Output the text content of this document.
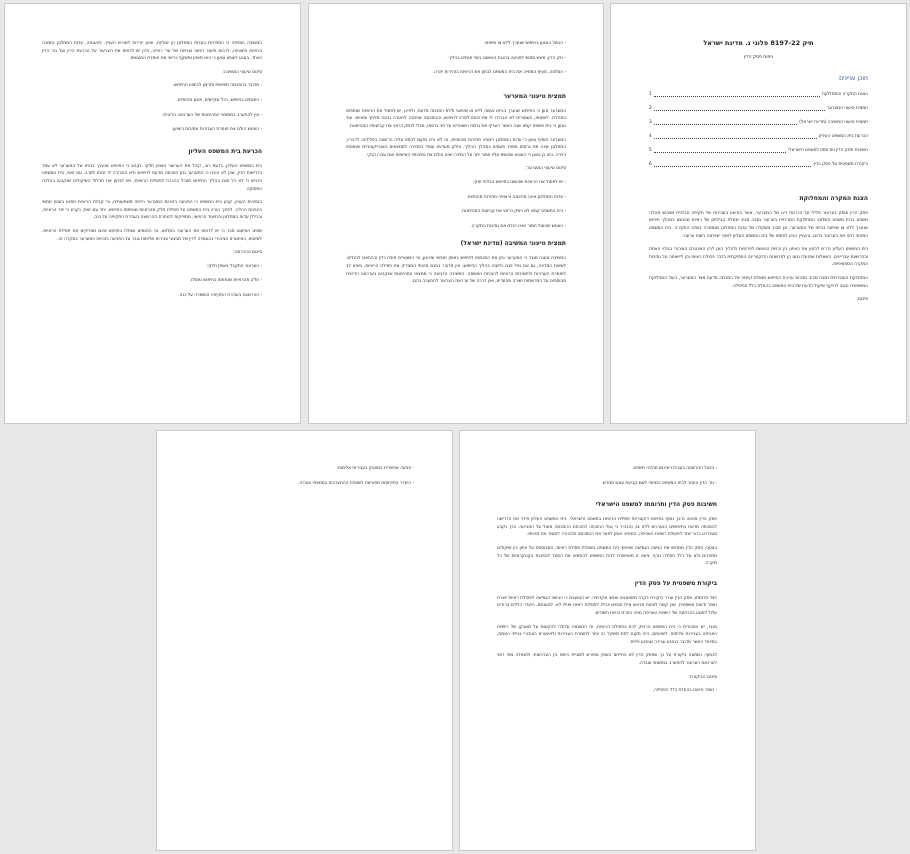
תיק 8197-22 פלוני נ. מדינת ישראל
ניתוח פסק הדין
תוכן עניינים
הצגת המקרה והמחלוקת
1
תמצית טיעוני המערער
2
תמצית טיעוני המשיבה (מדינת ישראל)
3
הכרעת בית המשפט העליון
4
חשיבות פסק הדין ותרומתו למשפט הישראלי
5
ביקורת משפטית על פסק הדין
6
הצגת המקרה והמחלוקת

פסק הדין עוסק בערעור פלילי על הכרעת דינו של המערער, אשר הורשע בעבירות של תקיפה חבלנית ושיבוש מהלכי משפט בבית משפט השלום. המחלוקת המרכזית בערעור נסבה סביב שאלת קבילותן של ראיות שהושגו במהלך חיפוש שנערך ללא צו שיפוטי בביתו של המערער, וכן סביב משקלה של עדות המתלונן שנמסרה בשלב החקירה. בית המשפט המחוזי דחה את הערעור ברובו, והעניין הגיע לפתחו של בית המשפט העליון לאחר שניתנה רשות ערעור.

בית המשפט העליון נדרש לבחון את האיזון בין זכויות הנאשם לפרטיות ולהליך הוגן לבין האינטרס הציבורי בגילוי האמת ובהרשעת עבריינים. השאלות שהועלו נגעו הן לפרשנות הדוקטרינה הפסיקתית בדבר פסילת ראיות והן ליישומה על נסיבות המקרה הספציפיות.

המחלוקת העובדתית נסבה סביב נסיבות עריכת החיפוש ושאלת קיומה של הסכמה מדעת מצד המערער, בעוד המחלוקת המשפטית נגעה להיקף שיקול הדעת של בית המשפט בהחלת כלל הפסילה.

סיכום:
- הכשל הנטען בחיפוש שנערך ללא צו שיפוטי.
- נזק הדין, חשש ממשי לפגיעה בהגנת הנאשם בשל פגמים בהליך.
- המלצה, סעיף המחייב את בית המשפט לבחון את הראיות בזהירות יתרה.
תמצית טיעוני המערער

המערער טען כי החיפוש שנערך בביתו נעשה ללא צו שיפוטי וללא הסכמה מדעת, ולפיכך יש לפסול את הראיות שנתפסו במהלכו. לשיטתו, השוטרים לא הבהירו לו את זכותו לסרב לחיפוש, וההסכמה שניתנה לכאורה נבעה מלחץ ומאיום. עוד נטען כי בית משפט קמא שגה כאשר העדיף את גרסת השוטרים על פני גרסתו, מבלי לנמק כראוי את קביעותיו המהימנות.

המערער הוסיף וטען כי עדות המתלונן רצופה סתירות מהותיות, וכי לא היה מקום לבסס עליה הרשעה בפלילים. לדבריו, המתלונן שינה את גרסתו מספר פעמים במהלך ההליך, וחלק מעדותו עומד בסתירה לממצאים האובייקטיביים שנאספו בזירה. כמו כן נטען כי העונש שהושת עליו חמור יתר על המידה ואינו הולם את נסיבותיו האישיות ואת עברו הנקי.

סיכום טיעוני המערער:
- יש לפסול את הראיות שהושגו בחיפוש הבלתי חוקי.
- עדות המתלונן אינה מהימנה ורצופה סתירות מהותיות.
- בית המשפט קמא לא נימק כראוי את קביעות המהימנות.
- העונש שהוטל חמור ואינו הולם את נסיבות המקרה.
תמצית טיעוני המשיבה (מדינת ישראל)

המשיבה טענה מנגד כי המערער נתן את הסכמתו לחיפוש באופן חופשי ומרצון, וכי השוטרים פעלו כדין ובהתאם לנהלים. לשיטת המדינה, גם אם נפל פגם כלשהו בהליך החיפוש, אין מדובר בפגם מהותי המצדיק את פסילת הראיות, בשים לב לחומרת העבירות ולחשיבות הראיות להוכחת האשמה. המשיבה הדגישה כי ממצאי המהימנות שנקבעו בערכאה הדיונית מבוססים על התרשמות ישירה מהעדים, ואין דרכה של ערכאת הערעור להתערב בהם.

המשיבה הוסיפה כי הסתירות בעדות המתלונן הן שוליות, ואינן יורדות לשורש העניין. לטענתה, עדות המתלונן נתמכה בראיות חיצוניות, לרבות תיעוד רפואי ועדויות של עדי ראייה, ולכן יש לדחות את הערעור על הכרעת הדין ועל גזר הדין כאחד. בנוגע לעונש נטען כי הוא מאוזן ומשקף כראוי את חומרת המעשים.

סיכום טיעוני המשיבה:
- מדובר בהסכמה חופשית ומרצון לביצוע החיפוש.
- הפגמים בחיפוש, ככל שקיימים, אינם מהותיים.
- אין להתערב בממצאי המהימנות של הערכאה הדיונית.
- העונש הולם את חומרת העבירות ונסיבות ביצוען.
הכרעת בית המשפט העליון

בית המשפט העליון, בדעת רוב, קיבל את הערעור באופן חלקי. נקבע כי החיפוש שנערך בביתו של המערער לא עמד בדרישות הדין, שכן לא הוכח כי המערער נתן הסכמה מדעת לחיפוש ולא הובהרה לו זכותו לסרב. עם זאת, בית המשפט הדגיש כי לא כל פגם בהליך החיפוש מוביל בהכרח לפסילת הראיות, ויש לבחון את מכלול השיקולים שנקבעו בהלכה הפסוקה.

בנסיבות העניין, קבע בית המשפט כי הפגיעה בזכויות המערער הייתה משמעותית, וכי קבלת הראיות תפגע באופן ממשי בהגינות ההליך. לפיכך הורה בית המשפט על פסילת חלק מהראיות שנתפסו בחיפוש. יחד עם זאת, נקבע כי יתר הראיות, ובכללן עדות המתלונן והתיעוד הרפואי, מספיקות להותרת ההרשעה בעבירת התקיפה על כנה.

שופט המיעוט סבר כי יש לדחות את הערעור במלואו, וכי הפגמים שנפלו בחיפוש אינם מצדיקים את פסילת הראיות. לשיטתו, האינטרס הציבורי בהעמדה לדין של מבצעי עבירות אלימות גובר על הפגיעה בזכויות המערער במקרה זה.

סיכום ההכרעה:
- הערעור התקבל באופן חלקי.
- חלק מהראיות שנתפסו בחיפוש נפסלו.
- ההרשעה בעבירת התקיפה הושארה על כנה.
- ביטול ההרשעה בעבירת שיבוש מהלכי משפט.
- גזר הדין הוחזר לבית המשפט המחוזי לשם קביעת עונש מחדש.
חשיבות פסק הדין ותרומתו למשפט הישראלי

פסק הדין מהווה נדבך נוסף בפיתוח דוקטרינת פסילת הראיות במשפט הישראלי. בית המשפט העליון חידד את הדרישה להסכמה מדעת בחיפושים הנערכים ללא צו, והבהיר כי נטל ההוכחה להוכחת ההסכמה מוטל על התביעה. בכך נקבע סטנדרט ברור יותר לפעולת רשויות האכיפה, המחייב אותן לתעד את ההסכמה ולהבהיר לחשוד את זכויותיו.

בנוסף, פסק הדין ממחיש את הגישה הגמישה שאימץ בית המשפט בשאלת פסילת ראיות, המבוססת על איזון בין שיקולים מתחרים ולא על כלל פסילה גורף. גישה זו מאפשרת לבית המשפט להתאים את הסעד לנסיבות הקונקרטיות של כל מקרה.

ביקורת משפטית על פסק הדין

לצד תרומתו, פסק הדין עורר ביקורת בקרב משפטנים ואנשי אקדמיה. יש הטוענים כי הגישה הגמישה לפסילת ראיות יוצרת חוסר ודאות משפטית, שכן קשה לצפות מראש אילו פגמים יובילו לפסילת ראיות ואילו לא. לטענתם, היעדר כללים ברורים עלול לפגוע בהרתעה של רשויות האכיפה מפני הפרת זכויות חשודים.

מנגד, יש הסבורים כי בית המשפט הרחיק לכת בפסילת הראיות, וכי התוצאה עלולה להקשות על מאבקן של רשויות האכיפה בעבירות אלימות. לשיטתם, היה מקום לתת משקל רב יותר לחומרת העבירות ולאינטרס הציבורי בגילוי האמת, במיוחד כאשר מדובר בנפגע עבירה שנפגע פיזית.

לבסוף, נשמעה ביקורת על כך שפסק הדין לא התייחס באופן מפורש לסוגיית היחס בין הערכאות, ולשאלה מתי ראוי לערכאת הערעור להתערב בממצאי עובדה.

סיכום הביקורת:
- חוסר ודאות בהחלת כלל הפסילה.
- פגיעה אפשרית במאבק בעבירות אלימות.
- היעדר התייחסות מפורשת לשאלת ההתערבות בממצאי עובדה.
